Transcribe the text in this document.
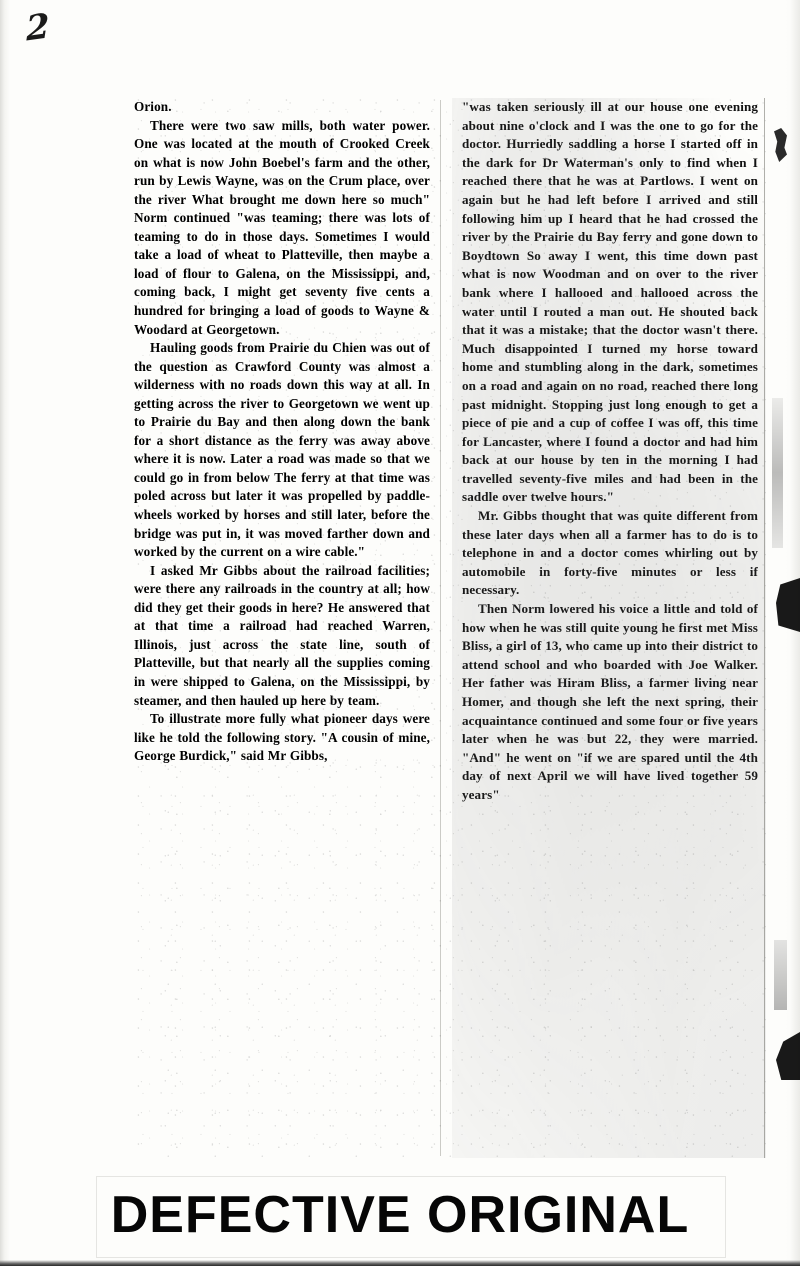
2

Orion.

There were two saw mills, both water power. One was located at the mouth of Crooked Creek on what is now John Boebel's farm and the other, run by Lewis Wayne, was on the Crum place, over the river What brought me down here so much" Norm continued "was teaming; there was lots of teaming to do in those days. Sometimes I would take a load of wheat to Platteville, then maybe a load of flour to Galena, on the Mississippi, and, coming back, I might get seventy five cents a hundred for bringing a load of goods to Wayne & Woodard at Georgetown.

Hauling goods from Prairie du Chien was out of the question as Crawford County was almost a wilderness with no roads down this way at all. In getting across the river to Georgetown we went up to Prairie du Bay and then along down the bank for a short distance as the ferry was away above where it is now. Later a road was made so that we could go in from below The ferry at that time was poled across but later it was propelled by paddle-wheels worked by horses and still later, before the bridge was put in, it was moved farther down and worked by the current on a wire cable."

I asked Mr Gibbs about the railroad facilities; were there any railroads in the country at all; how did they get their goods in here? He answered that at that time a railroad had reached Warren, Illinois, just across the state line, south of Platteville, but that nearly all the supplies coming in were shipped to Galena, on the Mississippi, by steamer, and then hauled up here by team.

To illustrate more fully what pioneer days were like he told the following story. "A cousin of mine, George Burdick," said Mr Gibbs,

"was taken seriously ill at our house one evening about nine o'clock and I was the one to go for the doctor. Hurriedly saddling a horse I started off in the dark for Dr Waterman's only to find when I reached there that he was at Partlows. I went on again but he had left before I arrived and still following him up I heard that he had crossed the river by the Prairie du Bay ferry and gone down to Boydtown So away I went, this time down past what is now Woodman and on over to the river bank where I hallooed and hallooed across the water until I routed a man out. He shouted back that it was a mistake; that the doctor wasn't there. Much disappointed I turned my horse toward home and stumbling along in the dark, sometimes on a road and again on no road, reached there long past midnight. Stopping just long enough to get a piece of pie and a cup of coffee I was off, this time for Lancaster, where I found a doctor and had him back at our house by ten in the morning I had travelled seventy-five miles and had been in the saddle over twelve hours."

Mr. Gibbs thought that was quite different from these later days when all a farmer has to do is to telephone in and a doctor comes whirling out by automobile in forty-five minutes or less if necessary.

Then Norm lowered his voice a little and told of how when he was still quite young he first met Miss Bliss, a girl of 13, who came up into their district to attend school and who boarded with Joe Walker. Her father was Hiram Bliss, a farmer living near Homer, and though she left the next spring, their acquaintance continued and some four or five years later when he was but 22, they were married. "And" he went on "if we are spared until the 4th day of next April we will have lived together 59 years"

DEFECTIVE ORIGINAL
